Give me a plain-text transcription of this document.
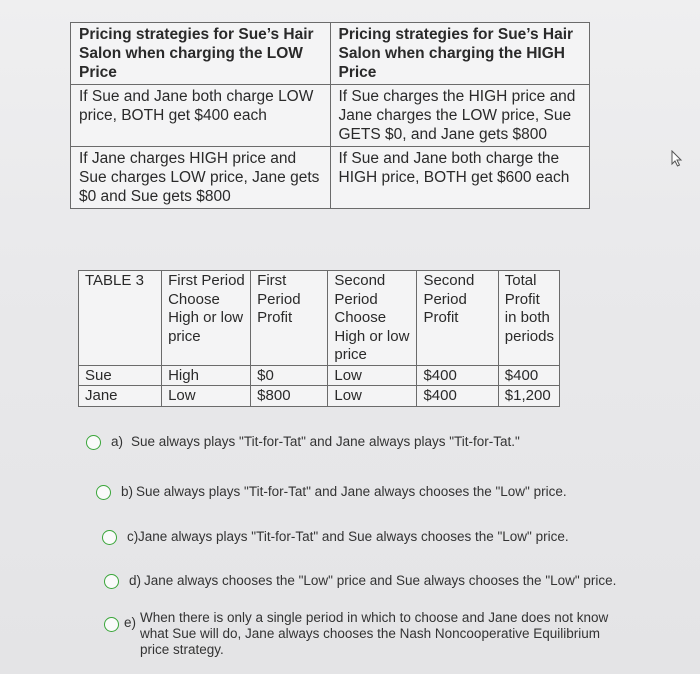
Pricing strategies for Sue’s Hair Salon when charging the LOW Price	Pricing strategies for Sue’s Hair Salon when charging the HIGH Price
If Sue and Jane both charge LOW price, BOTH get $400 each	If Sue charges the HIGH price and Jane charges the LOW price, Sue GETS $0, and Jane gets $800
If Jane charges HIGH price and Sue charges LOW price, Jane gets $0 and Sue gets $800	If Sue and Jane both charge the HIGH price, BOTH get $600 each
TABLE 3	First Period Choose High or low price	First Period Profit	Second Period Choose High or low price	Second Period Profit	Total Profit in both periods
Sue	High	$0	Low	$400	$400
Jane	Low	$800	Low	$400	$1,200
a) Sue always plays "Tit-for-Tat" and Jane always plays "Tit-for-Tat."
b) Sue always plays "Tit-for-Tat" and Jane always chooses the "Low" price.
c) Jane always plays "Tit-for-Tat" and Sue always chooses the "Low" price.
d) Jane always chooses the "Low" price and Sue always chooses the "Low" price.
e) When there is only a single period in which to choose and Jane does not know what Sue will do, Jane always chooses the Nash Noncooperative Equilibrium price strategy.
